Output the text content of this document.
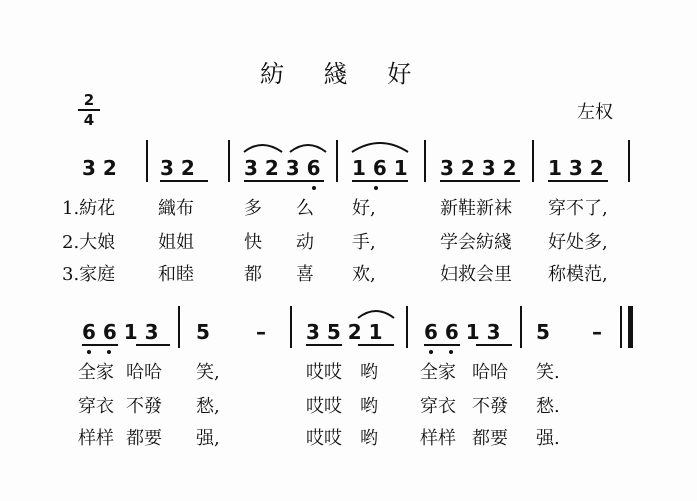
紡 綫 好
左权
2
4
3 2 3 2 3 2 3 6 1 6 1 3 2 3 2 1 3 2
1.紡花 織布	多 么 好,	新鞋新袜 穿不了,
2.大娘 姐姐	快 动 手,	学会紡綫 好处多,
3.家庭 和睦	都 喜 欢,	妇救会里 称模范,
6 6 1 3 5 – 3 5 2 1 6 6 1 3 5 –
全家 哈哈 笑,	哎哎 哟 全家 哈哈 笑.
穿衣 不發 愁,	哎哎 哟 穿衣 不發 愁.
样样 都要 强,	哎哎 哟 样样 都要 强.
